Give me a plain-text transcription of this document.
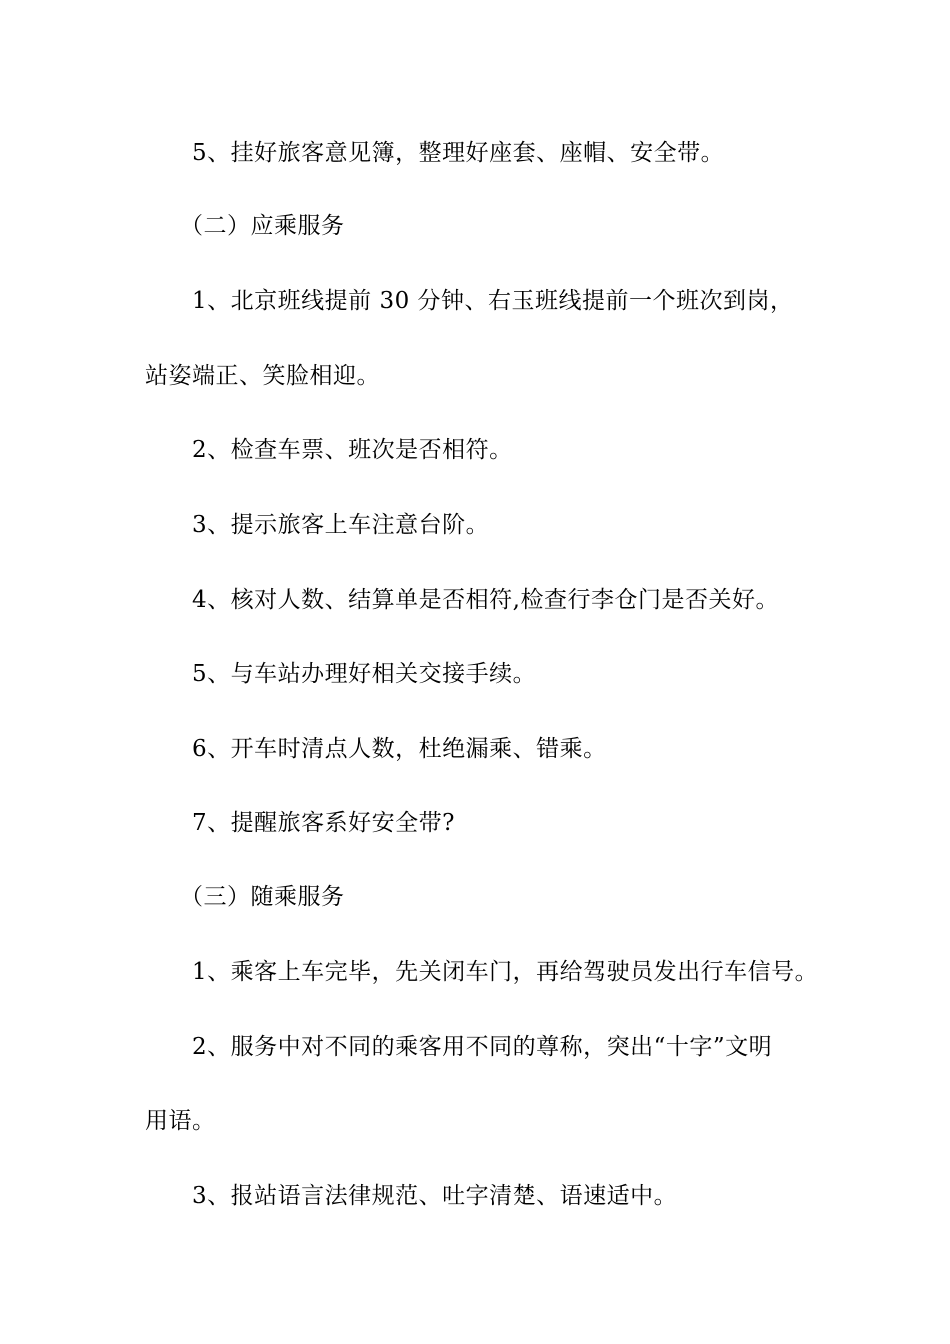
5、挂好旅客意见簿，整理好座套、座帽、安全带。
（二）应乘服务
1、北京班线提前 30 分钟、右玉班线提前一个班次到岗，
站姿端正、笑脸相迎。
2、检查车票、班次是否相符。
3、提示旅客上车注意台阶。
4、核对人数、结算单是否相符,检查行李仓门是否关好。
5、与车站办理好相关交接手续。
6、开车时清点人数，杜绝漏乘、错乘。
7、提醒旅客系好安全带?
（三）随乘服务
1、乘客上车完毕，先关闭车门，再给驾驶员发出行车信号。
2、服务中对不同的乘客用不同的尊称，突出“十字”文明
用语。
3、报站语言法律规范、吐字清楚、语速适中。
